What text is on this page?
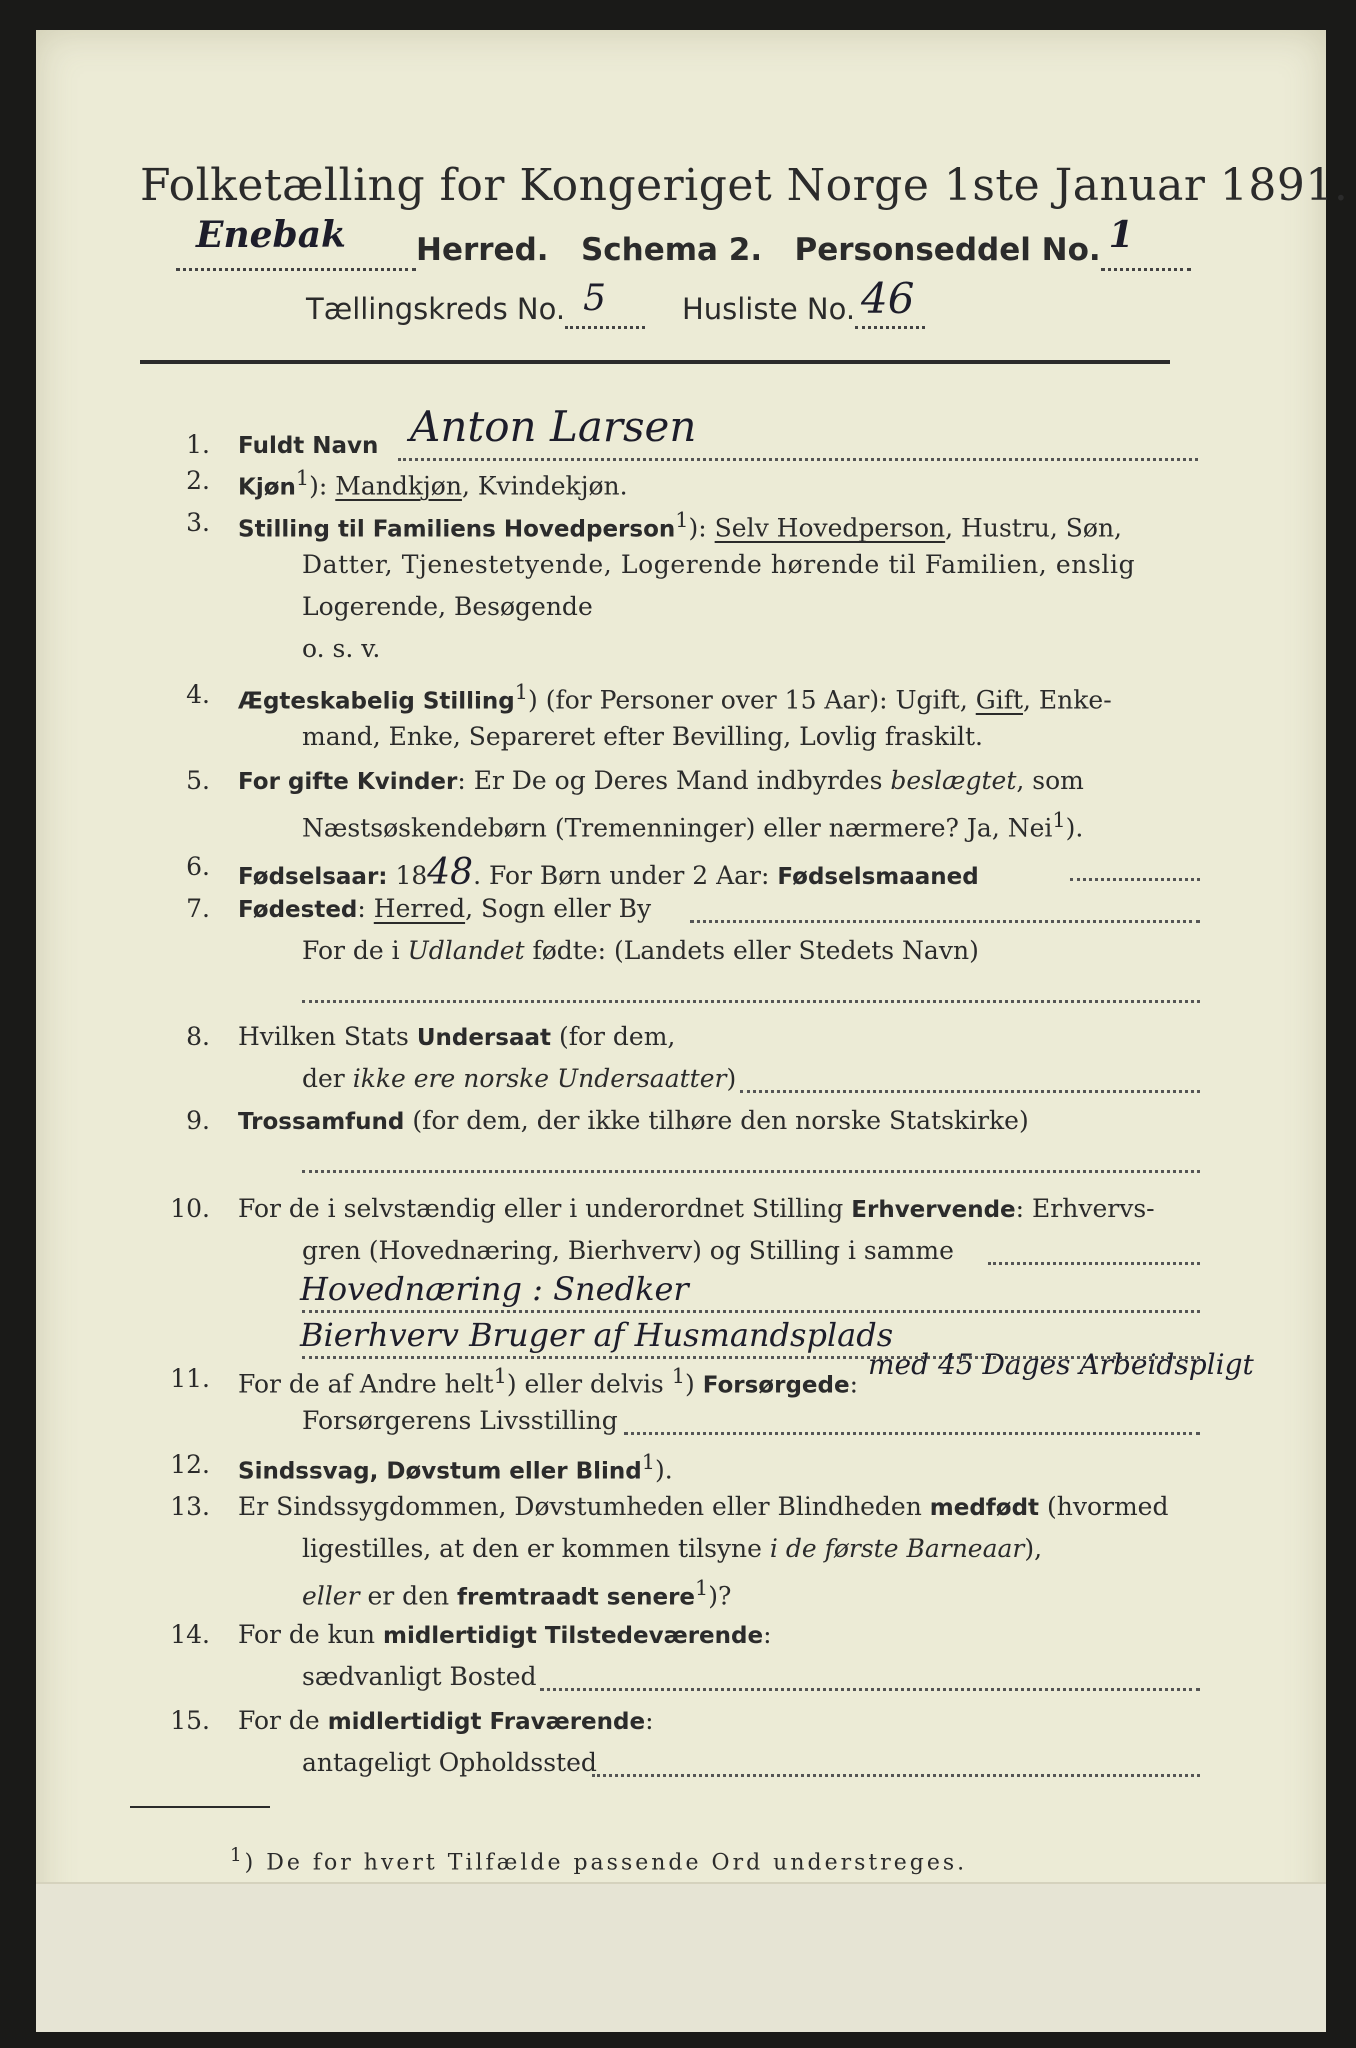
Folketælling for Kongeriget Norge 1ste Januar 1891.
Enebak Herred. Schema 2. Personseddel No. 1

Tællingskreds No. 5	Husliste No. 46

1. Fuldt Navn Anton Larsen
2. Kjøn$^1$): Mandkjøn, Kvindekjøn.
3. Stilling til Familiens Hovedperson$^1$): Selv Hovedperson, Hustru, Søn,
Datter, Tjenestetyende, Logerende hørende til Familien, enslig
Logerende, Besøgende
o. s. v.
4. Ægteskabelig Stilling$^1$) (for Personer over 15 Aar): Ugift, Gift, Enke-
mand, Enke, Separeret efter Bevilling, Lovlig fraskilt.
5. For gifte Kvinder: Er De og Deres Mand indbyrdes beslægtet, som
Næstsøskendebørn (Tremenninger) eller nærmere? Ja, Nei$^1$).
6. Fødselsaar: 1848. For Børn under 2 Aar: Fødselsmaaned
7. Fødested: Herred, Sogn eller By
For de i Udlandet fødte: (Landets eller Stedets Navn)
8. Hvilken Stats Undersaat (for dem,
der ikke ere norske Undersaatter)
9. Trossamfund (for dem, der ikke tilhøre den norske Statskirke)
10. For de i selvstændig eller i underordnet Stilling Erhvervende: Erhvervs-
gren (Hovednæring, Bierhverv) og Stilling i samme
Hovednæring : Snedker
Bierhverv Bruger af Husmandsplads
med 45 Dages Arbeidspligt
11. For de af Andre helt$^1$) eller delvis $^1$) Forsørgede:
Forsørgerens Livsstilling
12. Sindssvag, Døvstum eller Blind$^1$).
13. Er Sindssygdommen, Døvstumheden eller Blindheden medfødt (hvormed
ligestilles, at den er kommen tilsyne i de første Barneaar),
eller er den fremtraadt senere$^1$)?
14. For de kun midlertidigt Tilstedeværende:
sædvanligt Bosted
15. For de midlertidigt Fraværende:
antageligt Opholdssted
$^1$) De for hvert Tilfælde passende Ord understreges.
